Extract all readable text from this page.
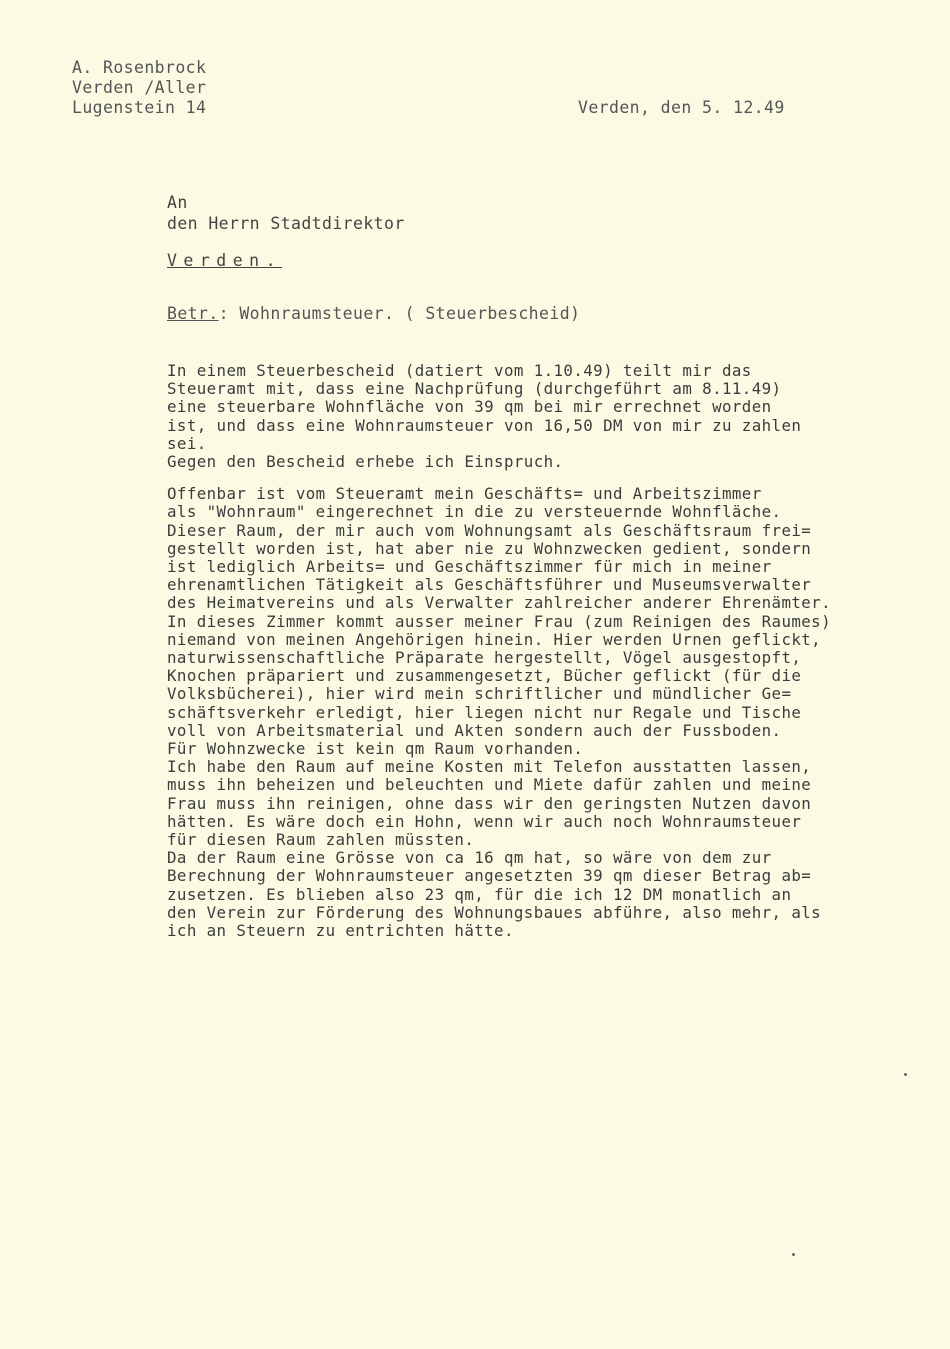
A. Rosenbrock
Verden /Aller
Lugenstein 14	Verden, den 5. 12.49
An
den Herrn Stadtdirektor
Verden.
Betr.: Wohnraumsteuer. ( Steuerbescheid)
In einem Steuerbescheid (datiert vom 1.10.49) teilt mir das
Steueramt mit, dass eine Nachprüfung (durchgeführt am 8.11.49)
eine steuerbare Wohnfläche von 39 qm bei mir errechnet worden
ist, und dass eine Wohnraumsteuer von 16,50 DM von mir zu zahlen
sei.
Gegen den Bescheid erhebe ich Einspruch.
Offenbar ist vom Steueramt mein Geschäfts= und Arbeitszimmer
als "Wohnraum" eingerechnet in die zu versteuernde Wohnfläche.
Dieser Raum, der mir auch vom Wohnungsamt als Geschäftsraum frei=
gestellt worden ist, hat aber nie zu Wohnzwecken gedient, sondern
ist lediglich Arbeits= und Geschäftszimmer für mich in meiner
ehrenamtlichen Tätigkeit als Geschäftsführer und Museumsverwalter
des Heimatvereins und als Verwalter zahlreicher anderer Ehrenämter.
In dieses Zimmer kommt ausser meiner Frau (zum Reinigen des Raumes)
niemand von meinen Angehörigen hinein. Hier werden Urnen geflickt,
naturwissenschaftliche Präparate hergestellt, Vögel ausgestopft,
Knochen präpariert und zusammengesetzt, Bücher geflickt (für die
Volksbücherei), hier wird mein schriftlicher und mündlicher Ge=
schäftsverkehr erledigt, hier liegen nicht nur Regale und Tische
voll von Arbeitsmaterial und Akten sondern auch der Fussboden.
Für Wohnzwecke ist kein qm Raum vorhanden.
Ich habe den Raum auf meine Kosten mit Telefon ausstatten lassen,
muss ihn beheizen und beleuchten und Miete dafür zahlen und meine
Frau muss ihn reinigen, ohne dass wir den geringsten Nutzen davon
hätten. Es wäre doch ein Hohn, wenn wir auch noch Wohnraumsteuer
für diesen Raum zahlen müssten.
Da der Raum eine Grösse von ca 16 qm hat, so wäre von dem zur
Berechnung der Wohnraumsteuer angesetzten 39 qm dieser Betrag ab=
zusetzen. Es blieben also 23 qm, für die ich 12 DM monatlich an
den Verein zur Förderung des Wohnungsbaues abführe, also mehr, als
ich an Steuern zu entrichten hätte.
